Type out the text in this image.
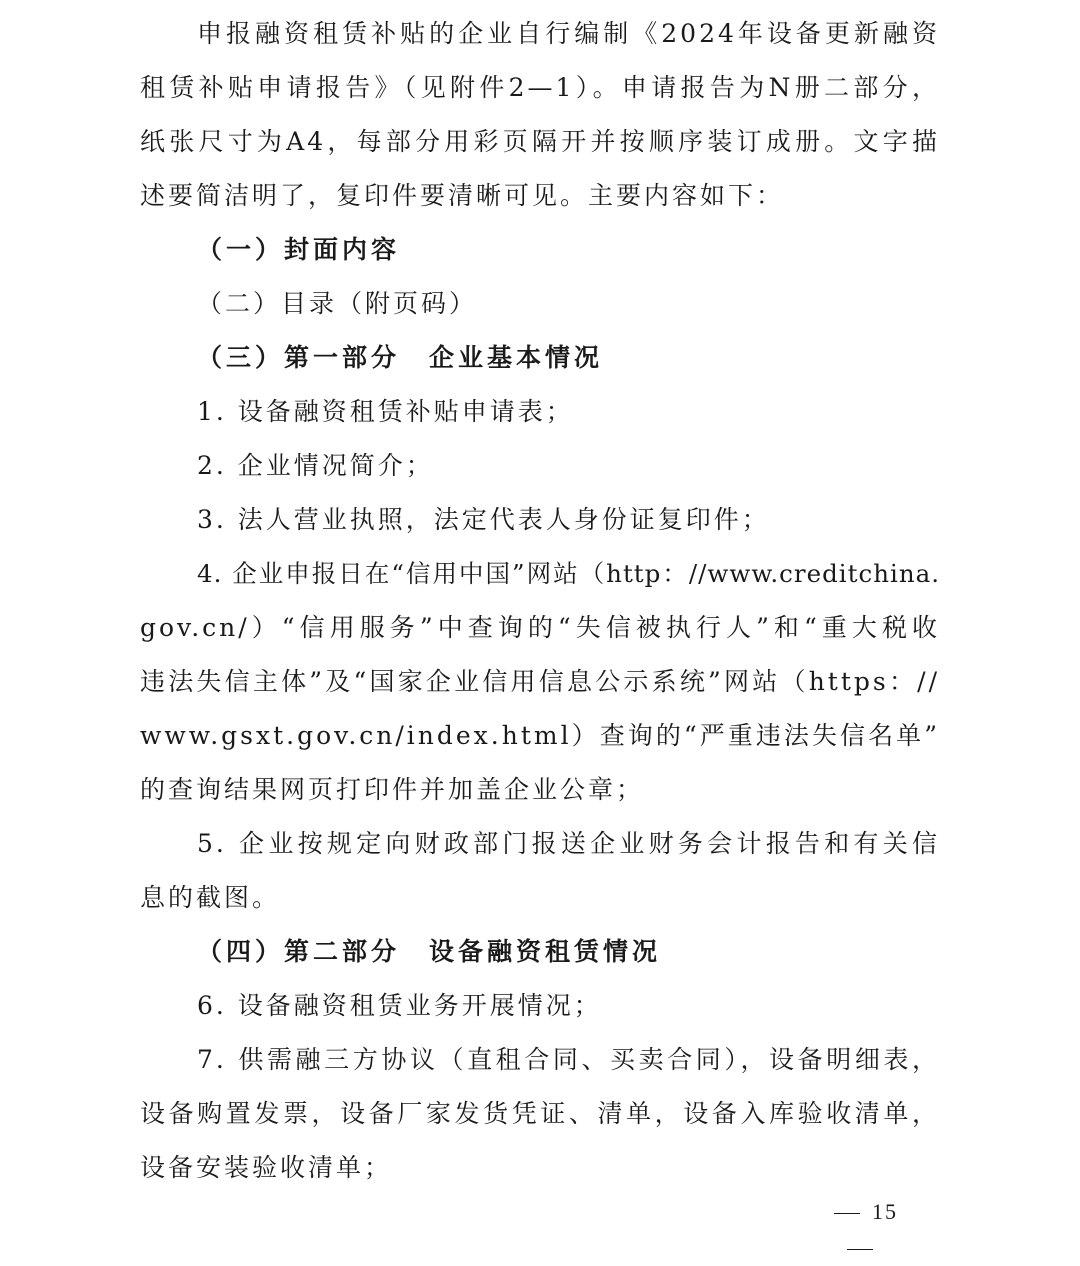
申报融资租赁补贴的企业自行编制《2024年设备更新融资
租赁补贴申请报告》（见附件2—1）。申请报告为N册二部分，
纸张尺寸为A4，每部分用彩页隔开并按顺序装订成册。文字描
述要简洁明了，复印件要清晰可见。主要内容如下：
（一）封面内容
（二）目录（附页码）
（三）第一部分　企业基本情况
1. 设备融资租赁补贴申请表；
2. 企业情况简介；
3. 法人营业执照，法定代表人身份证复印件；
4. 企业申报日在“信用中国”网站（http：//www.creditchina.
gov.cn/）“信用服务”中查询的“失信被执行人”和“重大税收
违法失信主体”及“国家企业信用信息公示系统”网站（https：//
www.gsxt.gov.cn/index.html）查询的“严重违法失信名单”
的查询结果网页打印件并加盖企业公章；
5. 企业按规定向财政部门报送企业财务会计报告和有关信
息的截图。
（四）第二部分　设备融资租赁情况
6. 设备融资租赁业务开展情况；
7. 供需融三方协议（直租合同、买卖合同），设备明细表，
设备购置发票，设备厂家发货凭证、清单，设备入库验收清单，
设备安装验收清单；
15
